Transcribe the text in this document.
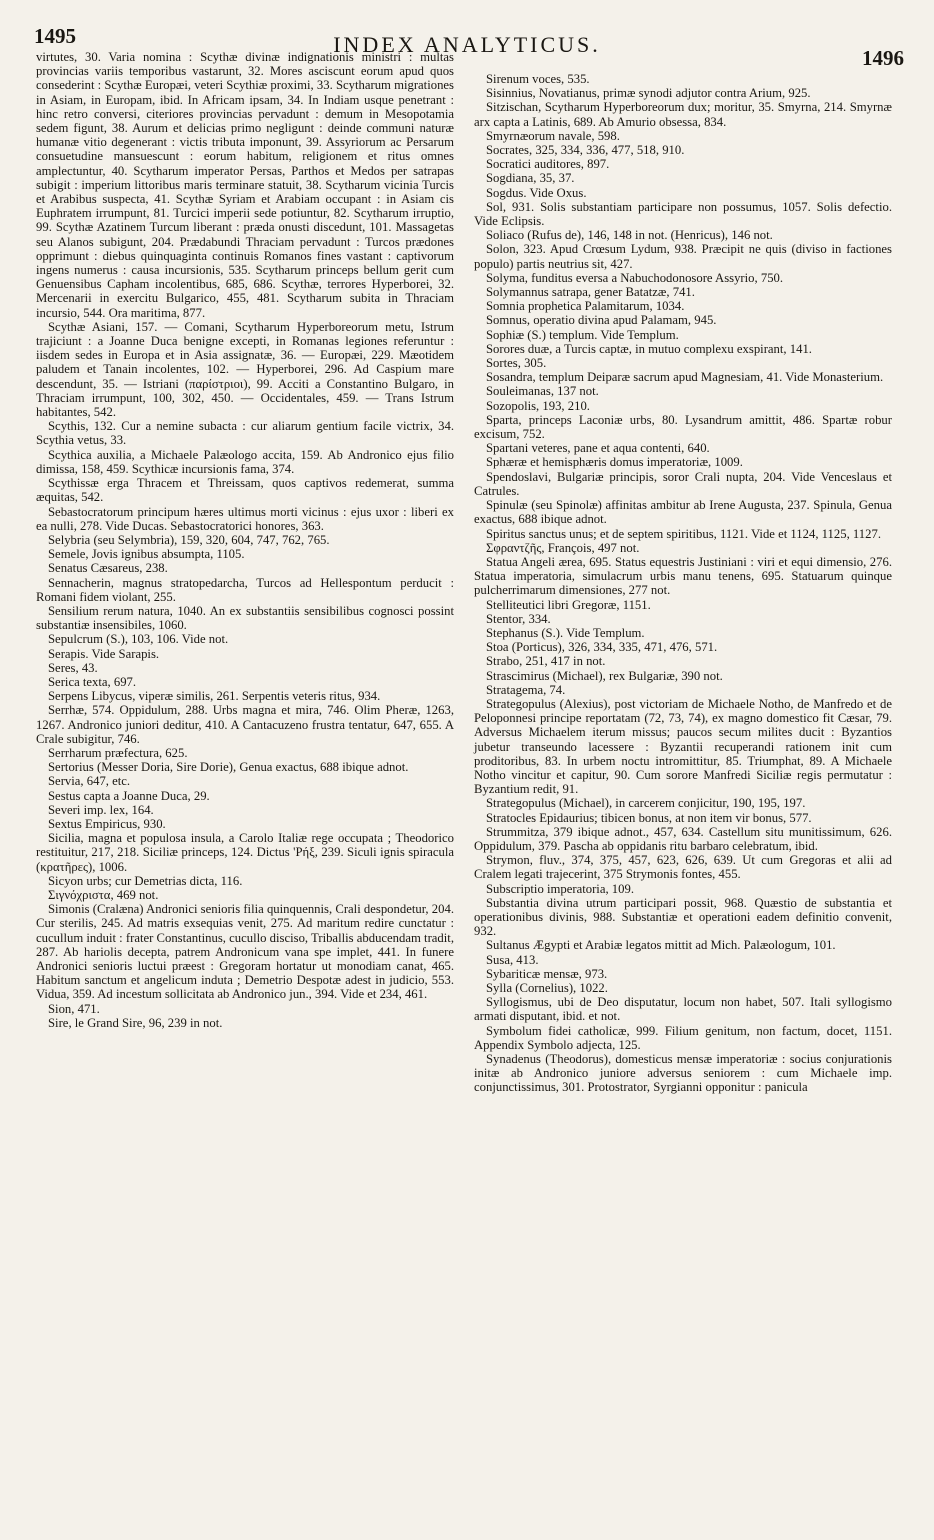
1495	INDEX ANALYTICUS.
1496

virtutes, 30. Varia nomina : Scythæ divinæ indignationis ministri : multas provincias variis temporibus vastarunt, 32. Mores asciscunt eorum apud quos consederint : Scythæ Europæi, veteri Scythiæ proximi, 33. Scytharum migrationes in Asiam, in Europam, ibid. In Africam ipsam, 34. In Indiam usque penetrant : hinc retro conversi, citeriores provincias pervadunt : demum in Mesopotamia sedem figunt, 38. Aurum et delicias primo negligunt : deinde communi naturæ humanæ vitio degenerant : victis tributa imponunt, 39. Assyriorum ac Persarum consuetudine mansuescunt : eorum habitum, religionem et ritus omnes amplectuntur, 40. Scytharum imperator Persas, Parthos et Medos per satrapas subigit : imperium littoribus maris terminare statuit, 38. Scytharum vicinia Turcis et Arabibus suspecta, 41. Scythæ Syriam et Arabiam occupant : in Asiam cis Euphratem irrumpunt, 81. Turcici imperii sede potiuntur, 82. Scytharum irruptio, 99. Scythæ Azatinem Turcum liberant : præda onusti discedunt, 101. Massagetas seu Alanos subigunt, 204. Prædabundi Thraciam pervadunt : Turcos prædones opprimunt : diebus quinquaginta continuis Romanos fines vastant : captivorum ingens numerus : causa incursionis, 535. Scytharum princeps bellum gerit cum Genuensibus Capham incolentibus, 685, 686. Scythæ, terrores Hyperborei, 32. Mercenarii in exercitu Bulgarico, 455, 481. Scytharum subita in Thraciam incursio, 544. Ora maritima, 877.

Scythæ Asiani, 157. — Comani, Scytharum Hyperboreorum metu, Istrum trajiciunt : a Joanne Duca benigne excepti, in Romanas legiones referuntur : iisdem sedes in Europa et in Asia assignatæ, 36. — Europæi, 229. Mæotidem paludem et Tanain incolentes, 102. — Hyperborei, 296. Ad Caspium mare descendunt, 35. — Istriani (παρίστριοι), 99. Acciti a Constantino Bulgaro, in Thraciam irrumpunt, 100, 302, 450. — Occidentales, 459. — Trans Istrum habitantes, 542.

Scythis, 132. Cur a nemine subacta : cur aliarum gentium facile victrix, 34. Scythia vetus, 33.

Scythica auxilia, a Michaele Palæologo accita, 159. Ab Andronico ejus filio dimissa, 158, 459. Scythicæ incursionis fama, 374.

Scythissæ erga Thracem et Threissam, quos captivos redemerat, summa æquitas, 542.

Sebastocratorum principum hæres ultimus morti vicinus : ejus uxor : liberi ex ea nulli, 278. Vide Ducas. Sebastocratorici honores, 363.

Selybria (seu Selymbria), 159, 320, 604, 747, 762, 765.

Semele, Jovis ignibus absumpta, 1105.

Senatus Cæsareus, 238.

Sennacherin, magnus stratopedarcha, Turcos ad Hellespontum perducit : Romani fidem violant, 255.

Sensilium rerum natura, 1040. An ex substantiis sensibilibus cognosci possint substantiæ insensibiles, 1060.

Sepulcrum (S.), 103, 106. Vide not.

Serapis. Vide Sarapis.

Seres, 43.

Serica texta, 697.

Serpens Libycus, viperæ similis, 261. Serpentis veteris ritus, 934.

Serrhæ, 574. Oppidulum, 288. Urbs magna et mira, 746. Olim Pheræ, 1263, 1267. Andronico juniori deditur, 410. A Cantacuzeno frustra tentatur, 647, 655. A Crale subigitur, 746.

Serrharum præfectura, 625.

Sertorius (Messer Doria, Sire Dorie), Genua exactus, 688 ibique adnot.

Servia, 647, etc.

Sestus capta a Joanne Duca, 29.

Severi imp. lex, 164.

Sextus Empiricus, 930.

Sicilia, magna et populosa insula, a Carolo Italiæ rege occupata ; Theodorico restituitur, 217, 218. Siciliæ princeps, 124. Dictus 'Ρήξ, 239. Siculi ignis spiracula (κρατῆρες), 1006.

Sicyon urbs; cur Demetrias dicta, 116.

Σιγνόχριστα, 469 not.

Simonis (Cralæna) Andronici senioris filia quinquennis, Crali despondetur, 204. Cur sterilis, 245. Ad matris exsequias venit, 275. Ad maritum redire cunctatur : cucullum induit : frater Constantinus, cucullo disciso, Triballis abducendam tradit, 287. Ab hariolis decepta, patrem Andronicum vana spe implet, 441. In funere Andronici senioris luctui præest : Gregoram hortatur ut monodiam canat, 465. Habitum sanctum et angelicum induta ; Demetrio Despotæ adest in judicio, 553. Vidua, 359. Ad incestum sollicitata ab Andronico jun., 394. Vide et 234, 461.

Sion, 471.

Sire, le Grand Sire, 96, 239 in not.

Sirenum voces, 535.

Sisinnius, Novatianus, primæ synodi adjutor contra Arium, 925.

Sitzischan, Scytharum Hyperboreorum dux; moritur, 35. Smyrna, 214. Smyrnæ arx capta a Latinis, 689. Ab Amurio obsessa, 834.

Smyrnæorum navale, 598.

Socrates, 325, 334, 336, 477, 518, 910.

Socratici auditores, 897.

Sogdiana, 35, 37.

Sogdus. Vide Oxus.

Sol, 931. Solis substantiam participare non possumus, 1057. Solis defectio. Vide Eclipsis.

Soliaco (Rufus de), 146, 148 in not. (Henricus), 146 not.

Solon, 323. Apud Crœsum Lydum, 938. Præcipit ne quis (diviso in factiones populo) partis neutrius sit, 427.

Solyma, funditus eversa a Nabuchodonosore Assyrio, 750.

Solymannus satrapa, gener Batatzæ, 741.

Somnia prophetica Palamitarum, 1034.

Somnus, operatio divina apud Palamam, 945.

Sophiæ (S.) templum. Vide Templum.

Sorores duæ, a Turcis captæ, in mutuo complexu exspirant, 141.

Sortes, 305.

Sosandra, templum Deiparæ sacrum apud Magnesiam, 41. Vide Monasterium.

Souleimanas, 137 not.

Sozopolis, 193, 210.

Sparta, princeps Laconiæ urbs, 80. Lysandrum amittit, 486. Spartæ robur excisum, 752.

Spartani veteres, pane et aqua contenti, 640.

Sphæræ et hemisphæris domus imperatoriæ, 1009.

Spendoslavi, Bulgariæ principis, soror Crali nupta, 204. Vide Venceslaus et Catrules.

Spinulæ (seu Spinolæ) affinitas ambitur ab Irene Augusta, 237. Spinula, Genua exactus, 688 ibique adnot.

Spiritus sanctus unus; et de septem spiritibus, 1121. Vide et 1124, 1125, 1127.

Σφραντζῆς, François, 497 not.

Statua Angeli ærea, 695. Status equestris Justiniani : viri et equi dimensio, 276. Statua imperatoria, simulacrum urbis manu tenens, 695. Statuarum quinque pulcherrimarum dimensiones, 277 not.

Stelliteutici libri Gregoræ, 1151.

Stentor, 334.

Stephanus (S.). Vide Templum.

Stoa (Porticus), 326, 334, 335, 471, 476, 571.

Strabo, 251, 417 in not.

Strascimirus (Michael), rex Bulgariæ, 390 not.

Stratagema, 74.

Strategopulus (Alexius), post victoriam de Michaele Notho, de Manfredo et de Peloponnesi principe reportatam (72, 73, 74), ex magno domestico fit Cæsar, 79. Adversus Michaelem iterum missus; paucos secum milites ducit : Byzantios jubetur transeundo lacessere : Byzantii recuperandi rationem init cum proditoribus, 83. In urbem noctu intromittitur, 85. Triumphat, 89. A Michaele Notho vincitur et capitur, 90. Cum sorore Manfredi Siciliæ regis permutatur : Byzantium redit, 91.

Strategopulus (Michael), in carcerem conjicitur, 190, 195, 197.

Stratocles Epidaurius; tibicen bonus, at non item vir bonus, 577.

Strummitza, 379 ibique adnot., 457, 634. Castellum situ munitissimum, 626. Oppidulum, 379. Pascha ab oppidanis ritu barbaro celebratum, ibid.

Strymon, fluv., 374, 375, 457, 623, 626, 639. Ut cum Gregoras et alii ad Cralem legati trajecerint, 375 Strymonis fontes, 455.

Subscriptio imperatoria, 109.

Substantia divina utrum participari possit, 968. Quæstio de substantia et operationibus divinis, 988. Substantiæ et operationi eadem definitio convenit, 932.

Sultanus Ægypti et Arabiæ legatos mittit ad Mich. Palæologum, 101.

Susa, 413.

Sybariticæ mensæ, 973.

Sylla (Cornelius), 1022.

Syllogismus, ubi de Deo disputatur, locum non habet, 507. Itali syllogismo armati disputant, ibid. et not.

Symbolum fidei catholicæ, 999. Filium genitum, non factum, docet, 1151. Appendix Symbolo adjecta, 125.

Synadenus (Theodorus), domesticus mensæ imperatoriæ : socius conjurationis initæ ab Andronico juniore adversus seniorem : cum Michaele imp. conjunctissimus, 301. Protostrator, Syrgianni opponitur : panicula
